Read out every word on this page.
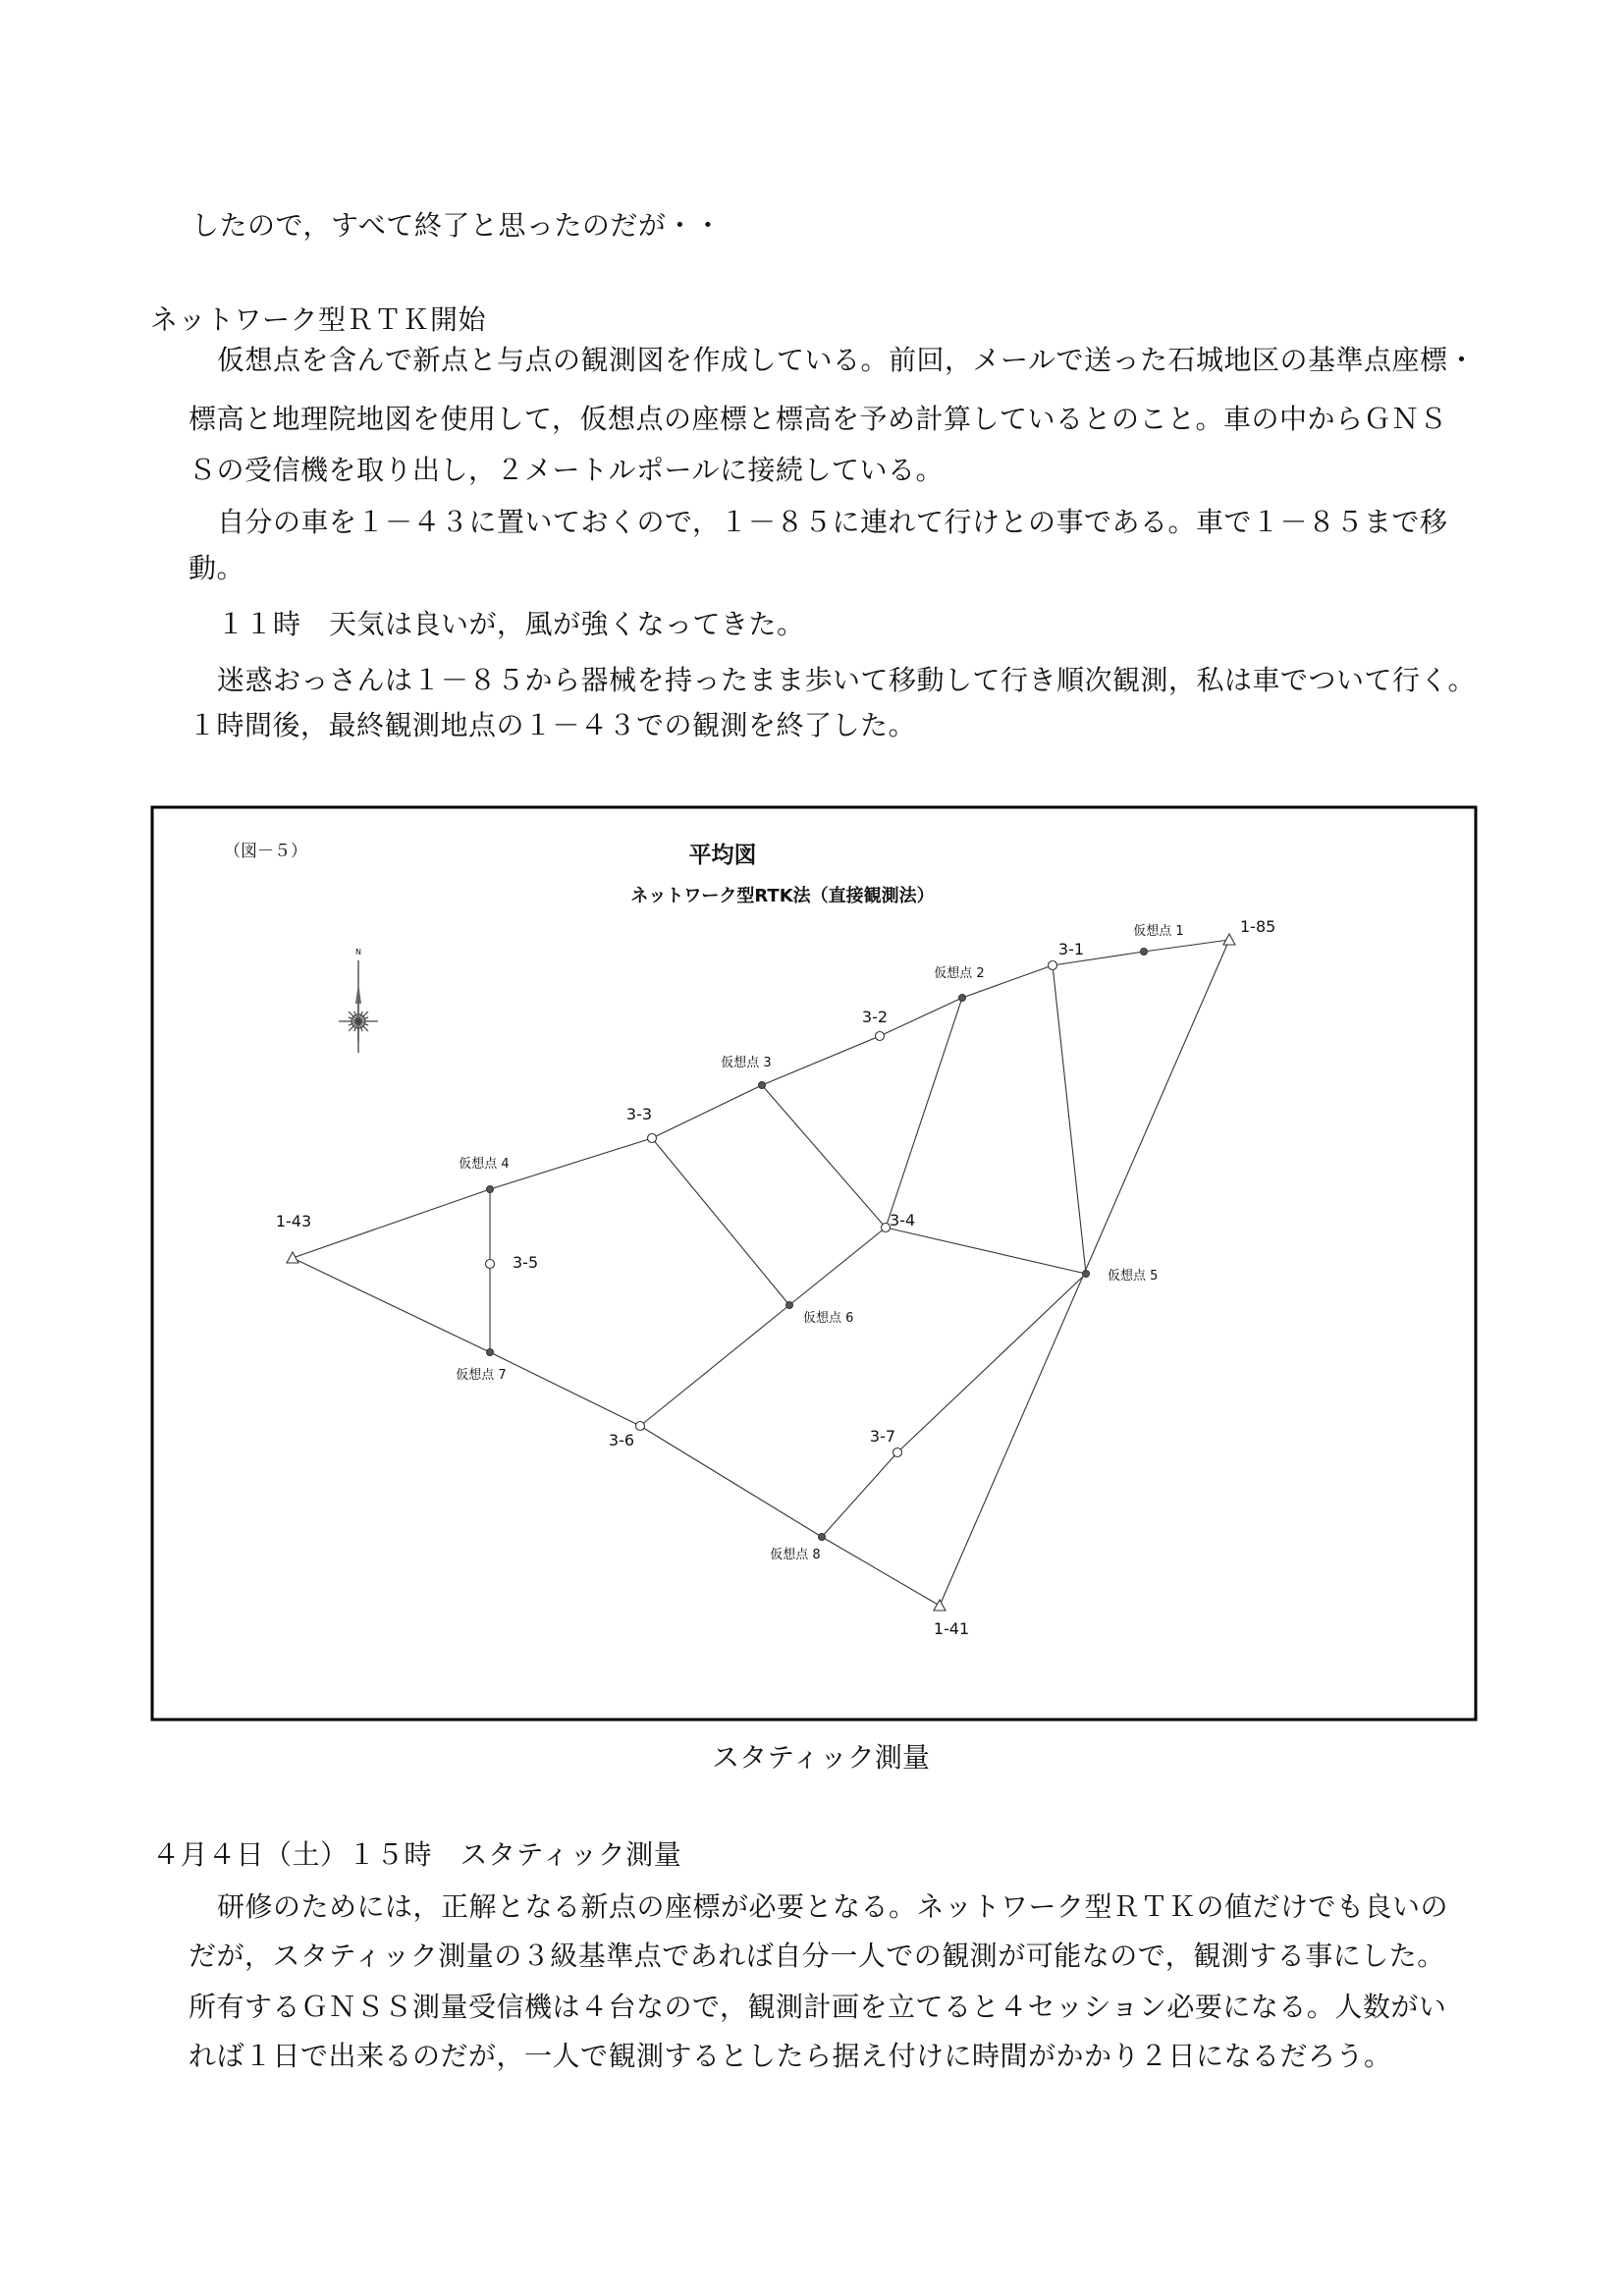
したので，すべて終了と思ったのだが・・
ネットワーク型ＲＴＫ開始
仮想点を含んで新点と与点の観測図を作成している。前回，メールで送った石城地区の基準点座標・
標高と地理院地図を使用して，仮想点の座標と標高を予め計算しているとのこと。車の中からＧＮＳ
Ｓの受信機を取り出し，２メートルポールに接続している。
自分の車を１－４３に置いておくので，１－８５に連れて行けとの事である。車で１－８５まで移
動。
１１時　天気は良いが，風が強くなってきた。
迷惑おっさんは１－８５から器械を持ったまま歩いて移動して行き順次観測，私は車でついて行く。
１時間後，最終観測地点の１－４３での観測を終了した。
（図－５）	平均図
ネットワーク型RTK法（直接観測法）
N
1-43
仮想点 4
3-5
仮想点 7
3-3
仮想点 3
3-2
仮想点 2
3-1
仮想点 1	1-85
3-4
仮想点 5
仮想点 6
3-6	3-7
仮想点 8
1-41
スタティック測量
４月４日（土）１５時　スタティック測量
研修のためには，正解となる新点の座標が必要となる。ネットワーク型ＲＴＫの値だけでも良いの
だが，スタティック測量の３級基準点であれば自分一人での観測が可能なので，観測する事にした。
所有するＧＮＳＳ測量受信機は４台なので，観測計画を立てると４セッション必要になる。人数がい
れば１日で出来るのだが，一人で観測するとしたら据え付けに時間がかかり２日になるだろう。
